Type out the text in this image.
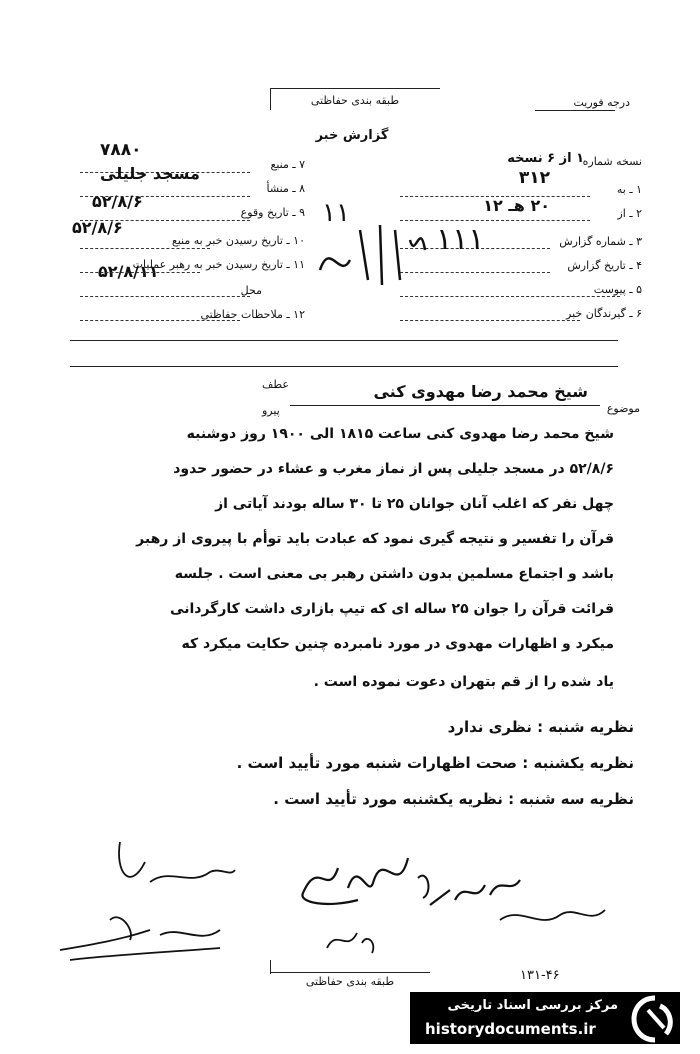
طبقه بندی حفاظتی	درجه فوریت
گزارش خبر
نسخه شماره
۱ از ۶ نسخه
۱ ـ به
۳۱۲
۲ ـ از
۲۰ هـ ۱۲
۳ ـ شماره گزارش
۴ ـ تاریخ گزارش
۵ ـ پیوست
۶ ـ گیرندگان خبر
۷۸۸۰
۷ ـ منبع
مسجد جلیلی
۸ ـ منشأ
۵۲/۸/۶
۹ ـ تاریخ وقوع
۵۲/۸/۶
۱۰ ـ تاریخ رسیدن خبر به منبع
۵۲/۸/۱۱
۱۱ ـ تاریخ رسیدن خبر به رهبر عملیات
محل
۱۲ ـ ملاحظات حفاظتی
۱۱
۱۱۱
عطف
پیرو
شیخ محمد رضا مهدوی کنی
موضوع
شیخ محمد رضا مهدوی کنی ساعت ۱۸۱۵ الی ۱۹۰۰ روز دوشنبه
۵۲/۸/۶ در مسجد جلیلی پس از نماز مغرب و عشاء در حضور حدود
چهل نفر که اغلب آنان جوانان ۲۵ تا ۳۰ ساله بودند آیاتی از
قرآن را تفسیر و نتیجه گیری نمود که عبادت باید توأم با پیروی از رهبر
باشد و اجتماع مسلمین بدون داشتن رهبر بی معنی است . جلسه
قرائت قرآن را جوان ۲۵ ساله ای که تیپ بازاری داشت کارگردانی
میکرد و اظهارات مهدوی در مورد نامبرده چنین حکایت میکرد که
یاد شده را از قم بتهران دعوت نموده است .
نظریه شنبه : نظری ندارد
نظریه یکشنبه : صحت اظهارات شنبه مورد تأیید است .
نظریه سه شنبه : نظریه یکشنبه مورد تأیید است .
طبقه بندی حفاظتی	۱۳۱-۴۶
مرکز بررسی اسناد تاریخی
historydocuments.ir
